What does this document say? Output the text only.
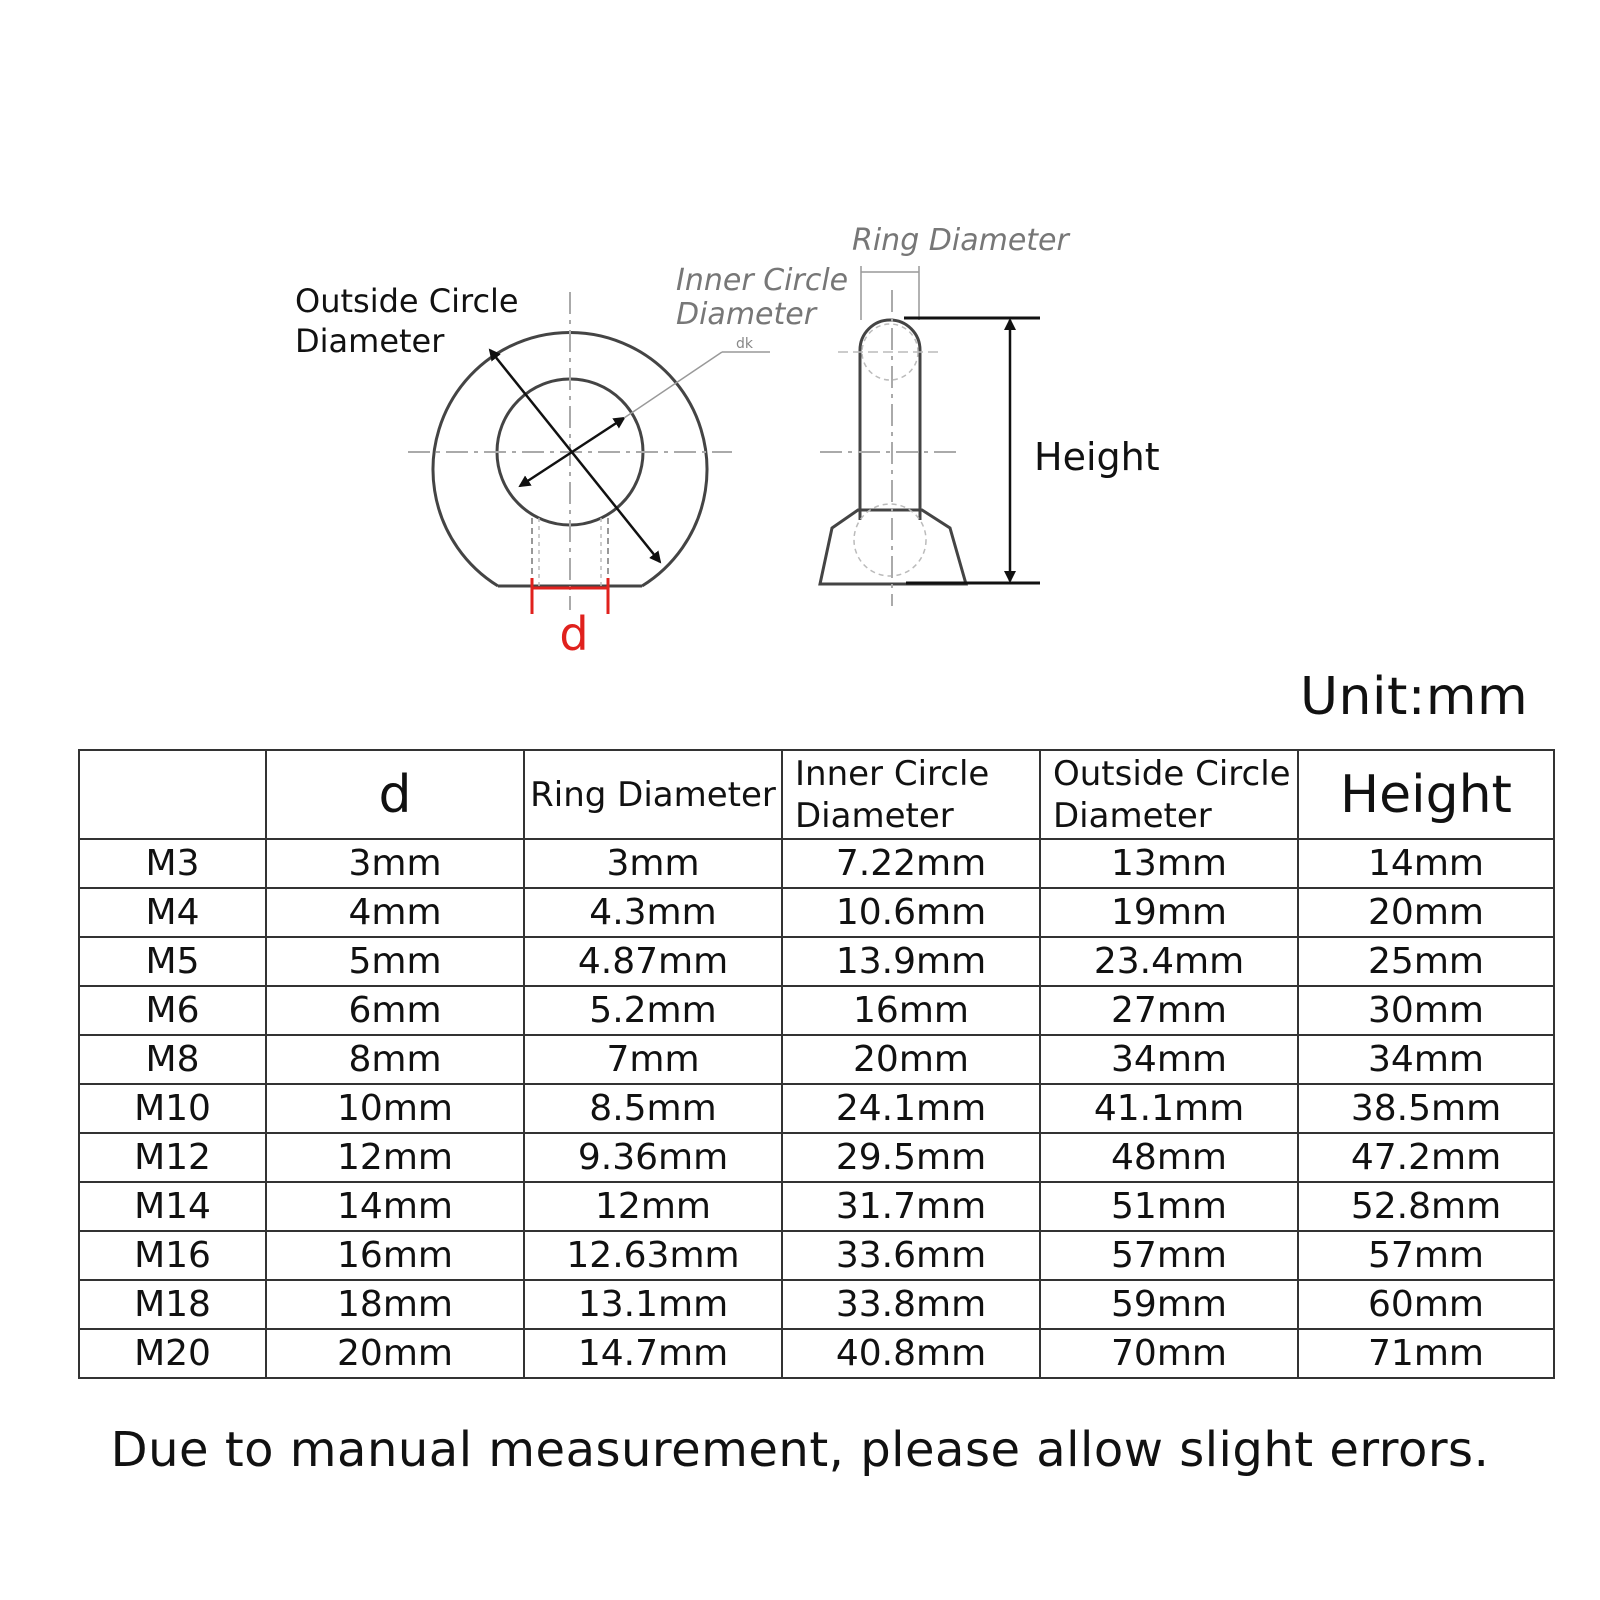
dk
d
Outside Circle
Diameter
Inner Circle
Diameter
Ring Diameter
Height
Unit:mm
	d	Ring Diameter	Inner Circle Diameter	Outside Circle Diameter	Height
M3	3mm	3mm	7.22mm	13mm	14mm
M4	4mm	4.3mm	10.6mm	19mm	20mm
M5	5mm	4.87mm	13.9mm	23.4mm	25mm
M6	6mm	5.2mm	16mm	27mm	30mm
M8	8mm	7mm	20mm	34mm	34mm
M10	10mm	8.5mm	24.1mm	41.1mm	38.5mm
M12	12mm	9.36mm	29.5mm	48mm	47.2mm
M14	14mm	12mm	31.7mm	51mm	52.8mm
M16	16mm	12.63mm	33.6mm	57mm	57mm
M18	18mm	13.1mm	33.8mm	59mm	60mm
M20	20mm	14.7mm	40.8mm	70mm	71mm
Due to manual measurement, please allow slight errors.
